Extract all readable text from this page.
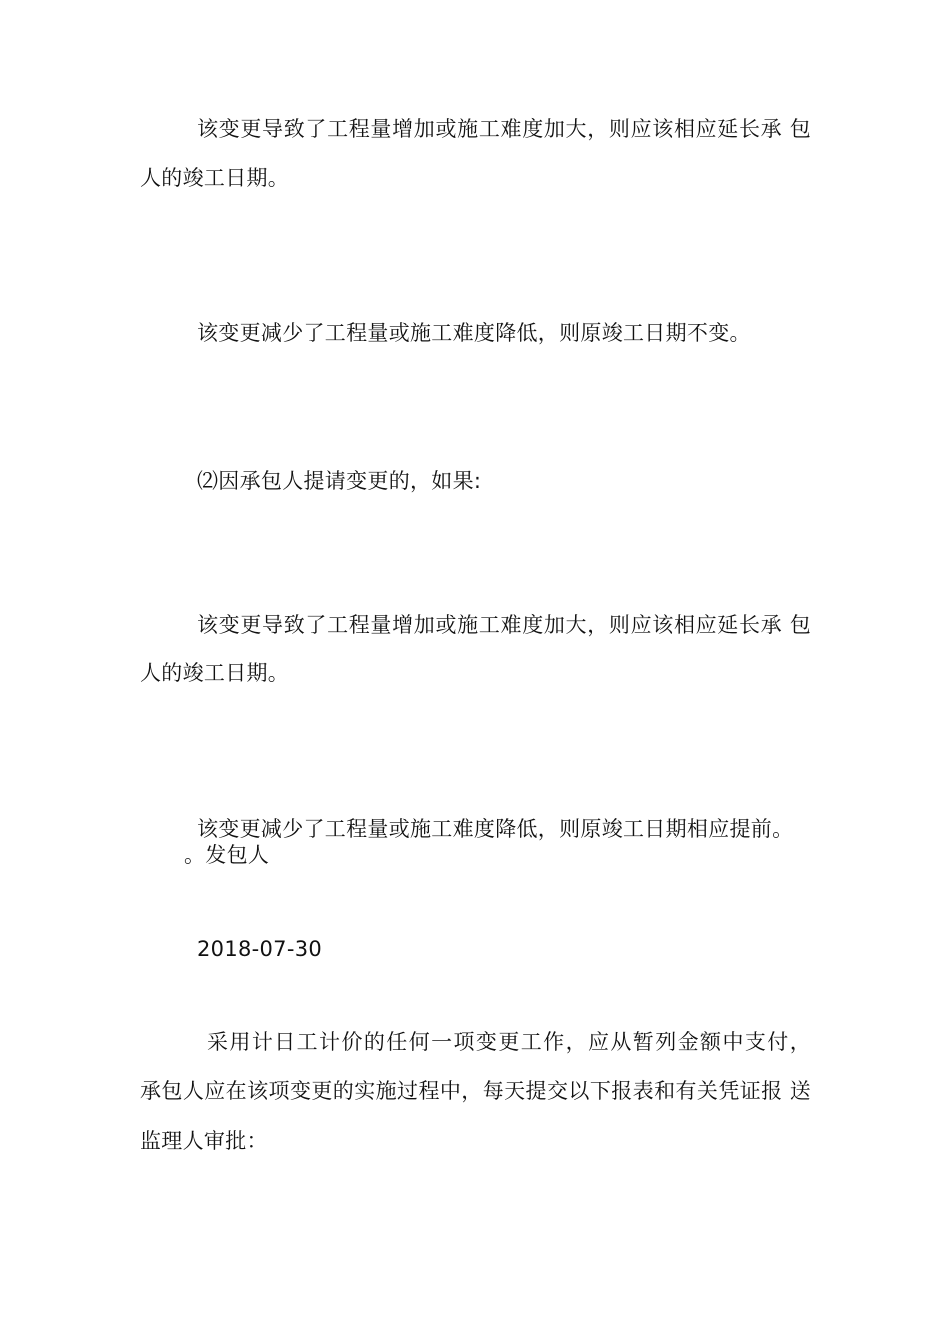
该变更导致了工程量增加或施工难度加大，则应该相应延长承 包
人的竣工日期。
该变更减少了工程量或施工难度降低，则原竣工日期不变。
⑵因承包人提请变更的，如果:
该变更导致了工程量增加或施工难度加大，则应该相应延长承 包
人的竣工日期。
该变更减少了工程量或施工难度降低，则原竣工日期相应提前。
。发包人
2018-07-30
采用计日工计价的任何一项变更工作，应从暂列金额中支付，
承包人应在该项变更的实施过程中，每天提交以下报表和有关凭证报 送
监理人审批：
